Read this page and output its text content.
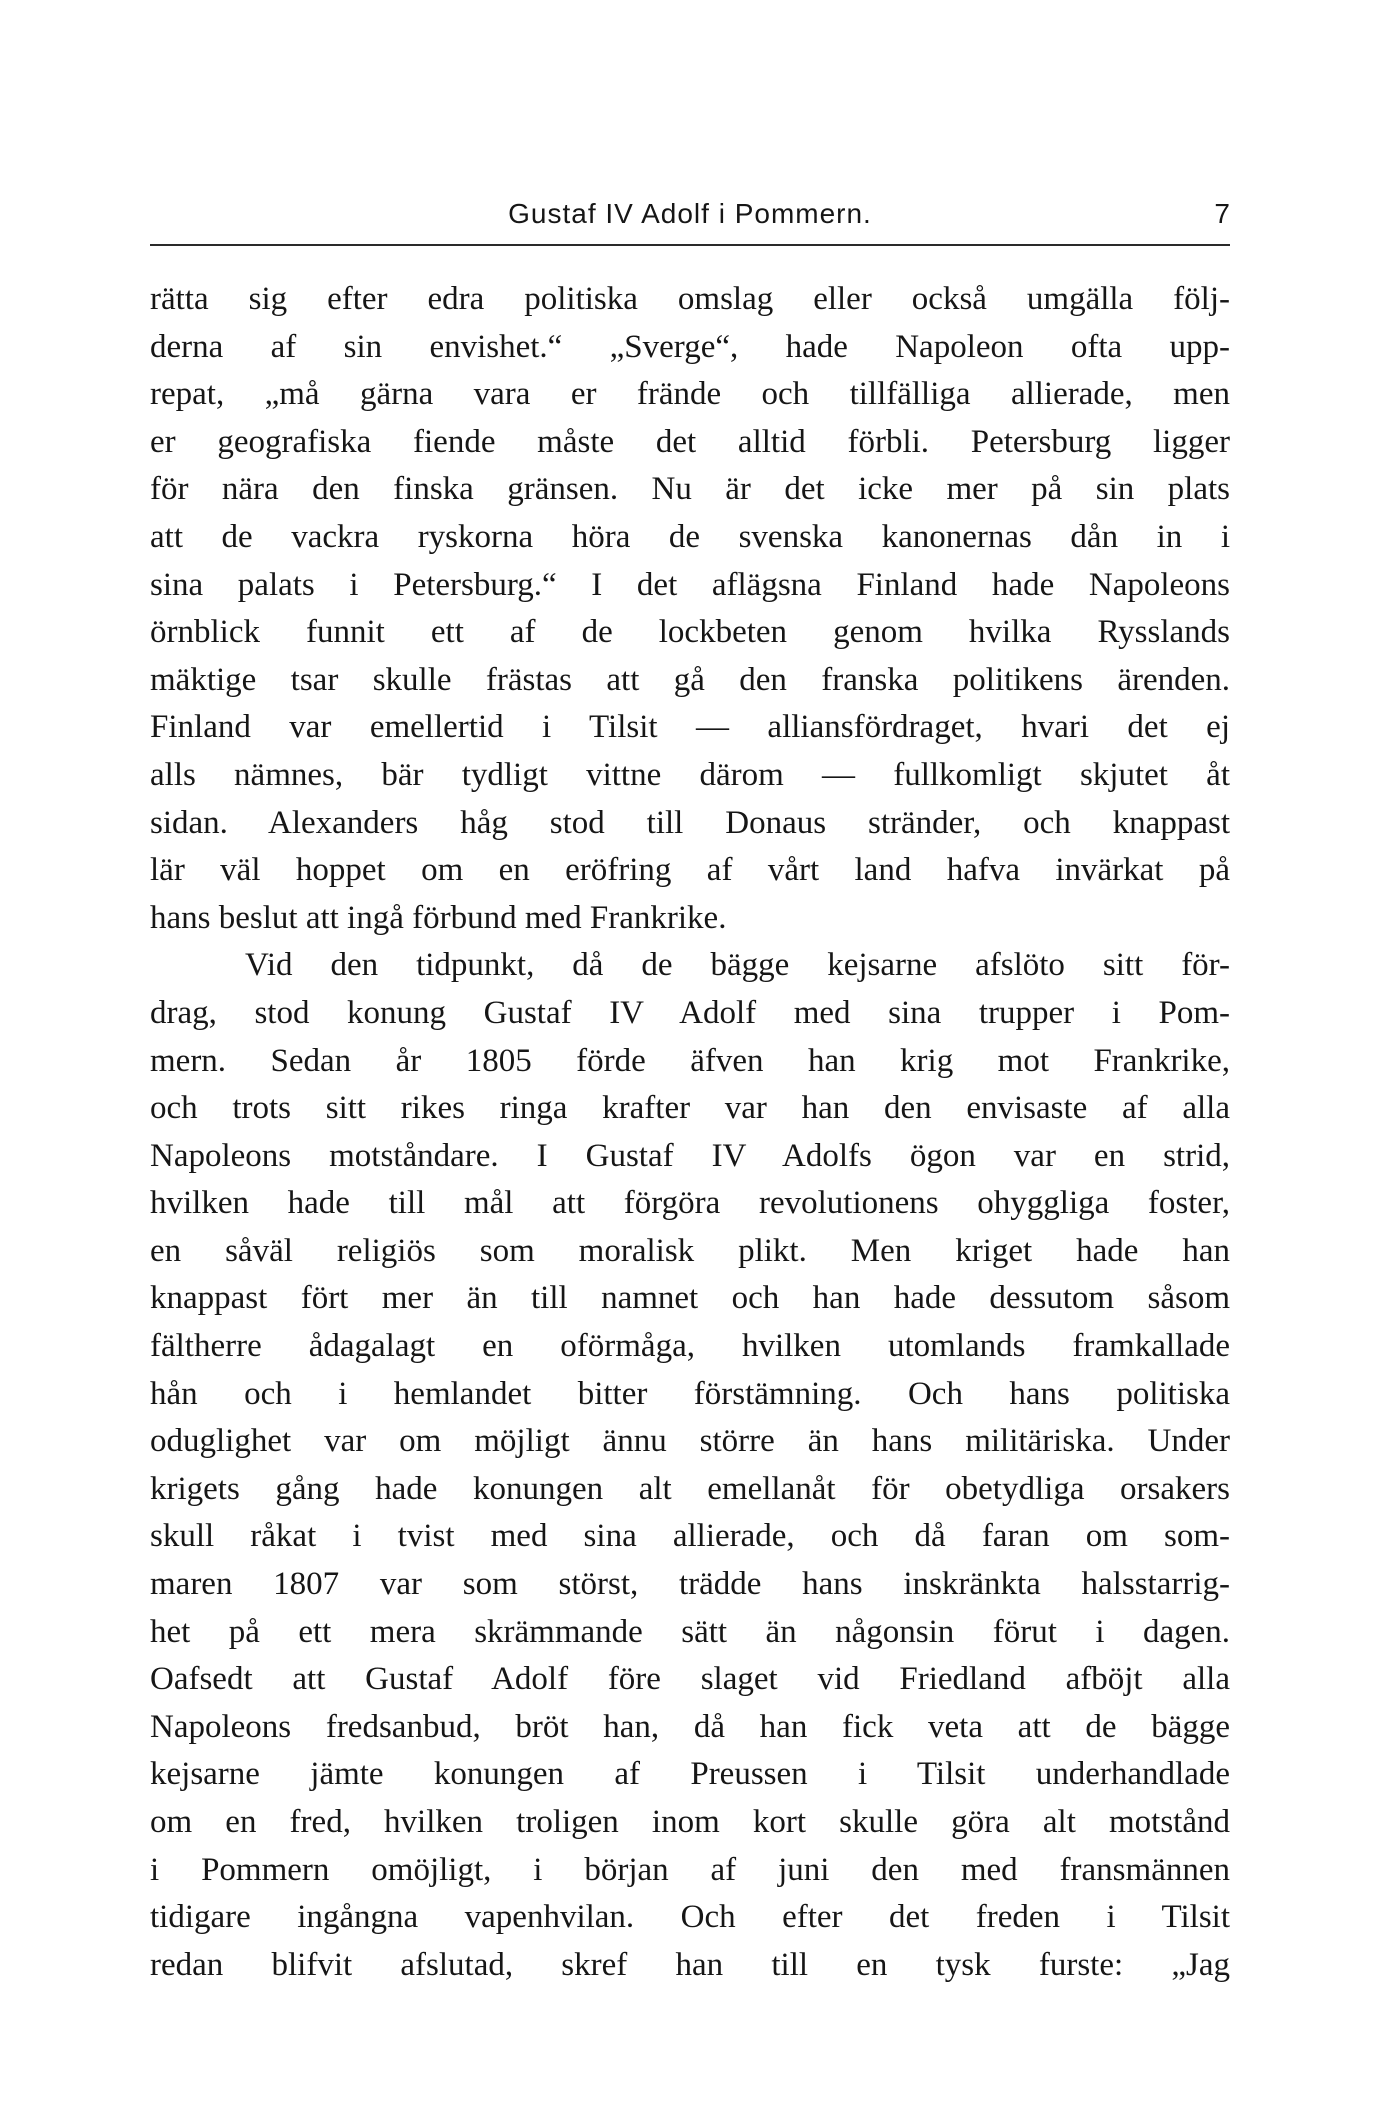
Gustaf IV Adolf i Pommern.	7
rätta sig efter edra politiska omslag eller också umgälla följ-
derna af sin envishet.“ „Sverge“, hade Napoleon ofta upp-
repat, „må gärna vara er frände och tillfälliga allierade, men
er geografiska fiende måste det alltid förbli. Petersburg ligger
för nära den finska gränsen. Nu är det icke mer på sin plats
att de vackra ryskorna höra de svenska kanonernas dån in i
sina palats i Petersburg.“ I det aflägsna Finland hade Napoleons
örnblick funnit ett af de lockbeten genom hvilka Rysslands
mäktige tsar skulle frästas att gå den franska politikens ärenden.
Finland var emellertid i Tilsit — alliansfördraget, hvari det ej
alls nämnes, bär tydligt vittne därom — fullkomligt skjutet åt
sidan. Alexanders håg stod till Donaus stränder, och knappast
lär väl hoppet om en eröfring af vårt land hafva invärkat på
hans beslut att ingå förbund med Frankrike.
Vid den tidpunkt, då de bägge kejsarne afslöto sitt för-
drag, stod konung Gustaf IV Adolf med sina trupper i Pom-
mern. Sedan år 1805 förde äfven han krig mot Frankrike,
och trots sitt rikes ringa krafter var han den envisaste af alla
Napoleons motståndare. I Gustaf IV Adolfs ögon var en strid,
hvilken hade till mål att förgöra revolutionens ohyggliga foster,
en såväl religiös som moralisk plikt. Men kriget hade han
knappast fört mer än till namnet och han hade dessutom såsom
fältherre ådagalagt en oförmåga, hvilken utomlands framkallade
hån och i hemlandet bitter förstämning. Och hans politiska
oduglighet var om möjligt ännu större än hans militäriska. Under
krigets gång hade konungen alt emellanåt för obetydliga orsakers
skull råkat i tvist med sina allierade, och då faran om som-
maren 1807 var som störst, trädde hans inskränkta halsstarrig-
het på ett mera skrämmande sätt än någonsin förut i dagen.
Oafsedt att Gustaf Adolf före slaget vid Friedland afböjt alla
Napoleons fredsanbud, bröt han, då han fick veta att de bägge
kejsarne jämte konungen af Preussen i Tilsit underhandlade
om en fred, hvilken troligen inom kort skulle göra alt motstånd
i Pommern omöjligt, i början af juni den med fransmännen
tidigare ingångna vapenhvilan. Och efter det freden i Tilsit
redan blifvit afslutad, skref han till en tysk furste: „Jag
